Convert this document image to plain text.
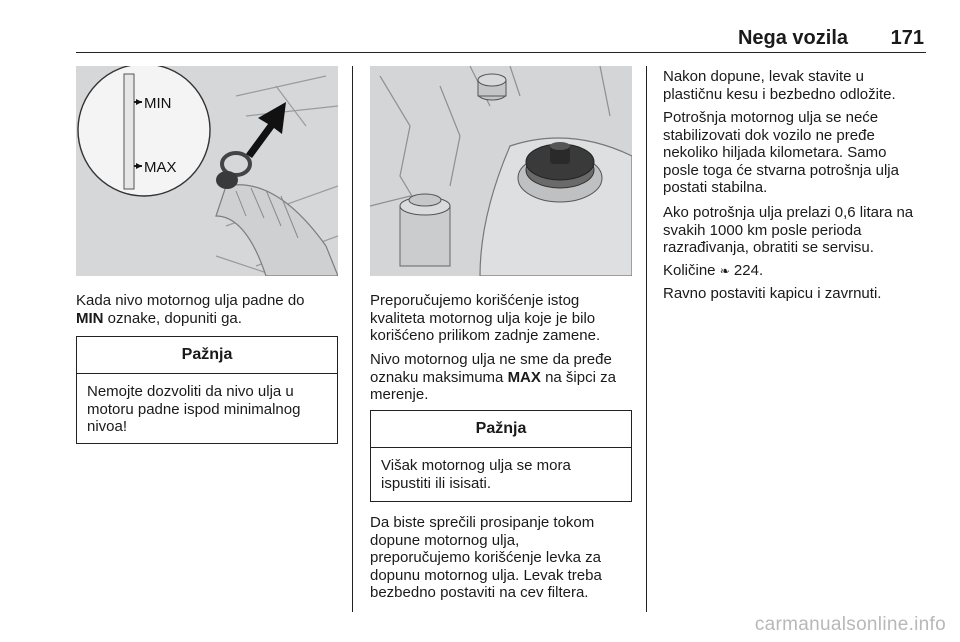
Nega vozila 171
MIN
MAX

Kada nivo motornog ulja padne do
MIN oznake, dopuniti ga.

Pažnja
Nemojte dozvoliti da nivo ulja u
motoru padne ispod minimalnog
nivoa!

Preporučujemo korišćenje istog
kvaliteta motornog ulja koje je bilo
korišćeno prilikom zadnje zamene.

Nivo motornog ulja ne sme da pređe
oznaku maksimuma MAX na šipci za
merenje.

Pažnja
Višak motornog ulja se mora
ispustiti ili isisati.

Da biste sprečili prosipanje tokom
dopune motornog ulja,
preporučujemo korišćenje levka za
dopunu motornog ulja. Levak treba
bezbedno postaviti na cev filtera.

Nakon dopune, levak stavite u
plastičnu kesu i bezbedno odložite.

Potrošnja motornog ulja se neće
stabilizovati dok vozilo ne pređe
nekoliko hiljada kilometara. Samo
posle toga će stvarna potrošnja ulja
postati stabilna.

Ako potrošnja ulja prelazi 0,6 litara na
svakih 1000 km posle perioda
razrađivanja, obratiti se servisu.

Količine ❧ 224.

Ravno postaviti kapicu i zavrnuti.

carmanualsonline.info
